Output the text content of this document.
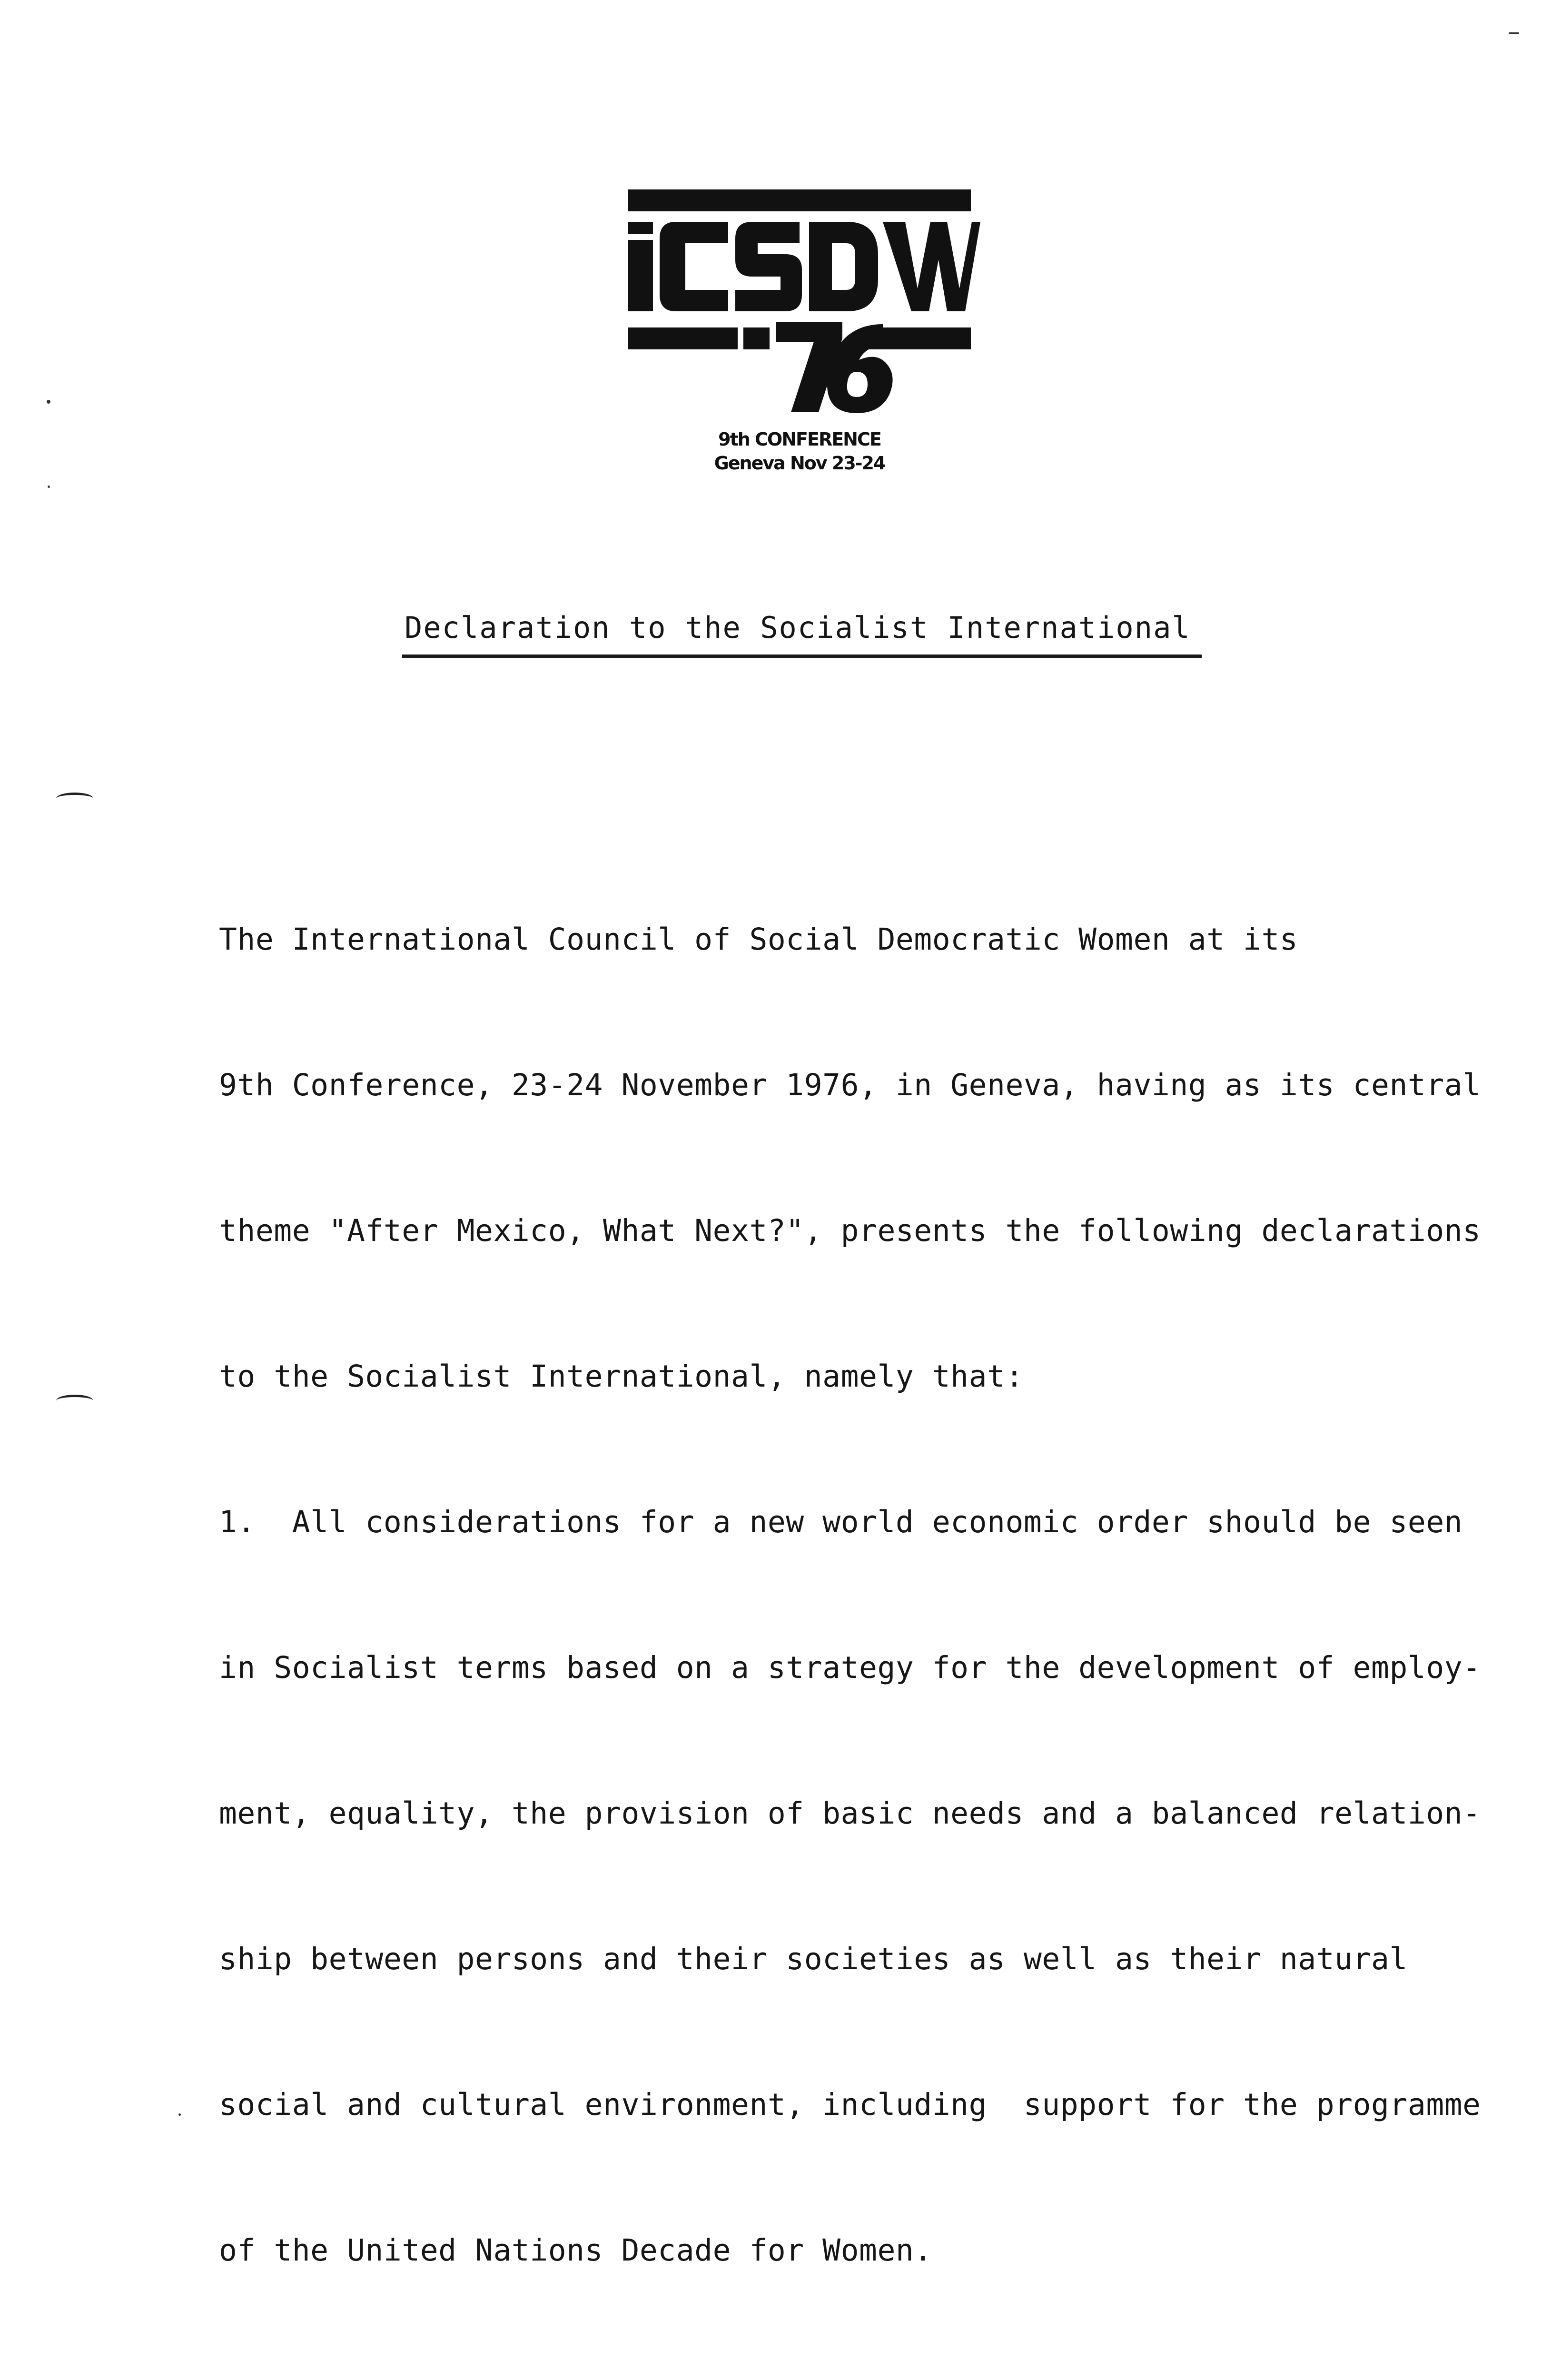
9th CONFERENCE
Geneva Nov 23-24
Declaration to the Socialist International

The International Council of Social Democratic Women at its

9th Conference, 23-24 November 1976, in Geneva, having as its central

theme "After Mexico, What Next?", presents the following declarations

to the Socialist International, namely that:

1.  All considerations for a new world economic order should be seen

in Socialist terms based on a strategy for the development of employ-

ment, equality, the provision of basic needs and a balanced relation-

ship between persons and their societies as well as their natural

social and cultural environment, including  support for the programme

of the United Nations Decade for Women.
